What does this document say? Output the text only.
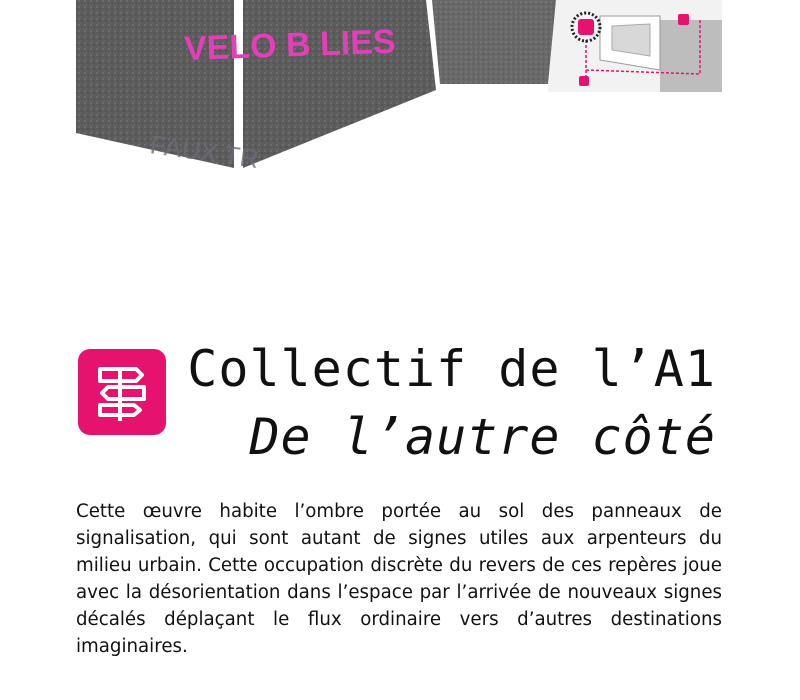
VELO B LIES
FAUX TR
Collectif de l’A1
De l’autre côté

Cette œuvre habite l’ombre portée au sol des panneaux de signalisation, qui sont autant de signes utiles aux arpenteurs du milieu urbain. Cette occupation discrète du revers de ces repères joue avec la désorientation dans l’espace par l’arrivée de nouveaux signes décalés déplaçant le flux ordinaire vers d’autres destinations imaginaires.
